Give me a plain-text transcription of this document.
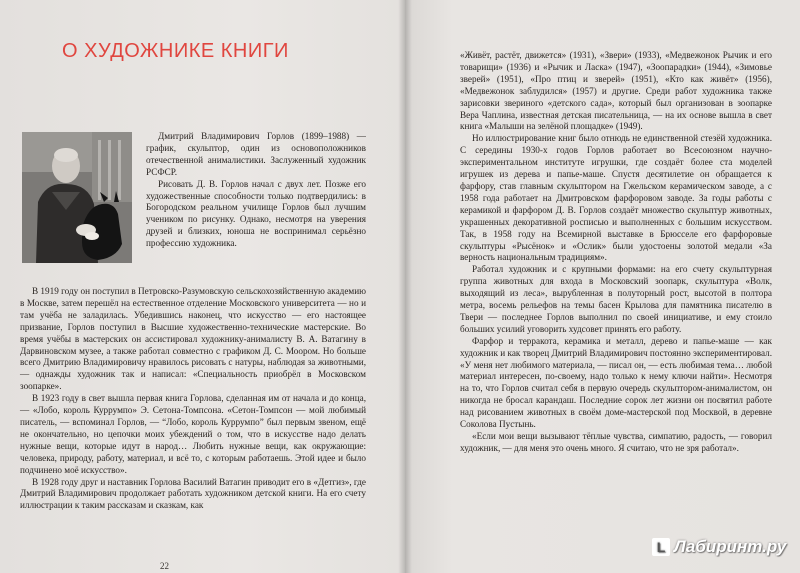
О ХУДОЖНИКЕ КНИГИ

Дмитрий Владимирович Горлов (1899–1988) — график, скульптор, один из основоположников отечественной анималистики. Заслуженный художник РСФСР.

Рисовать Д. В. Горлов начал с двух лет. Позже его художественные способности только подтвердились: в Богородском реальном училище Горлов был лучшим учеником по рисунку. Однако, несмотря на уверения друзей и близких, юноша не воспринимал серьёзно профессию художника.

В 1919 году он поступил в Петровско-Разумовскую сельскохозяйственную академию в Москве, затем перешёл на естественное отделение Московского университета — но и там учёба не заладилась. Убедившись наконец, что искусство — его настоящее призвание, Горлов поступил в Высшие художественно-технические мастерские. Во время учёбы в мастерских он ассистировал художнику-анималисту В. А. Ватагину в Дарвиновском музее, а также работал совместно с графиком Д. С. Моором. Но больше всего Дмитрию Владимировичу нравилось рисовать с натуры, наблюдая за животными, — однажды художник так и написал: «Специальность приобрёл в Московском зоопарке».

В 1923 году в свет вышла первая книга Горлова, сделанная им от начала и до конца, — «Лобо, король Куррумпо» Э. Сетона-Томпсона. «Сетон-Томпсон — мой любимый писатель, — вспоминал Горлов, — “Лобо, король Куррумпо” был первым звеном, ещё не окончательно, но цепочки моих убеждений о том, что в искусстве надо делать нужные вещи, которые идут в народ… Любить нужные вещи, как окружающие: человека, природу, работу, материал, и всё то, с которым работаешь. Этой идее и было подчинено моё искусство».

В 1928 году друг и наставник Горлова Василий Ватагин приводит его в «Детгиз», где Дмитрий Владимирович продолжает работать художником детской книги. На его счету иллюстрации к таким рассказам и сказкам, как

22

«Живёт, растёт, движется» (1931), «Звери» (1933), «Медвежонок Рычик и его товарищи» (1936) и «Рычик и Ласка» (1947), «Зоопарадки» (1944), «Зимовье зверей» (1951), «Про птиц и зверей» (1951), «Кто как живёт» (1956), «Медвежонок заблудился» (1957) и другие. Среди работ художника также зарисовки звериного «детского сада», который был организован в зоопарке Вера Чаплина, известная детская писательница, — на их основе вышла в свет книга «Малыши на зелёной площадке» (1949).

Но иллюстрирование книг было отнюдь не единственной стезёй художника. С середины 1930-х годов Горлов работает во Всесоюзном научно-экспериментальном институте игрушки, где создаёт более ста моделей игрушек из дерева и папье-маше. Спустя десятилетие он обращается к фарфору, став главным скульптором на Гжельском керамическом заводе, а с 1958 года работает на Дмитровском фарфоровом заводе. За годы работы с керамикой и фарфором Д. В. Горлов создаёт множество скульптур животных, украшенных декоративной росписью и выполненных с большим искусством. Так, в 1958 году на Всемирной выставке в Брюсселе его фарфоровые скульптуры «Рысёнок» и «Ослик» были удостоены золотой медали «За верность национальным традициям».

Работал художник и с крупными формами: на его счету скульптурная группа животных для входа в Московский зоопарк, скульптура «Волк, выходящий из леса», вырубленная в полуторный рост, высотой в полтора метра, восемь рельефов на темы басен Крылова для памятника писателю в Твери — последнее Горлов выполнил по своей инициативе, и ему стоило больших усилий уговорить худсовет принять его работу.

Фарфор и терракота, керамика и металл, дерево и папье-маше — как художник и как творец Дмитрий Владимирович постоянно экспериментировал. «У меня нет любимого материала, — писал он, — есть любимая тема… любой материал интересен, по-своему, надо только к нему ключи найти». Несмотря на то, что Горлов считал себя в первую очередь скульптором-анималистом, он никогда не бросал карандаш. Последние сорок лет жизни он посвятил работе над рисованием животных в своём доме-мастерской под Москвой, в деревне Соколова Пустынь.

«Если мои вещи вызывают тёплые чувства, симпатию, радость, — говорил художник, — для меня это очень много. Я считаю, что не зря работал».

L Лабиринт.ру
